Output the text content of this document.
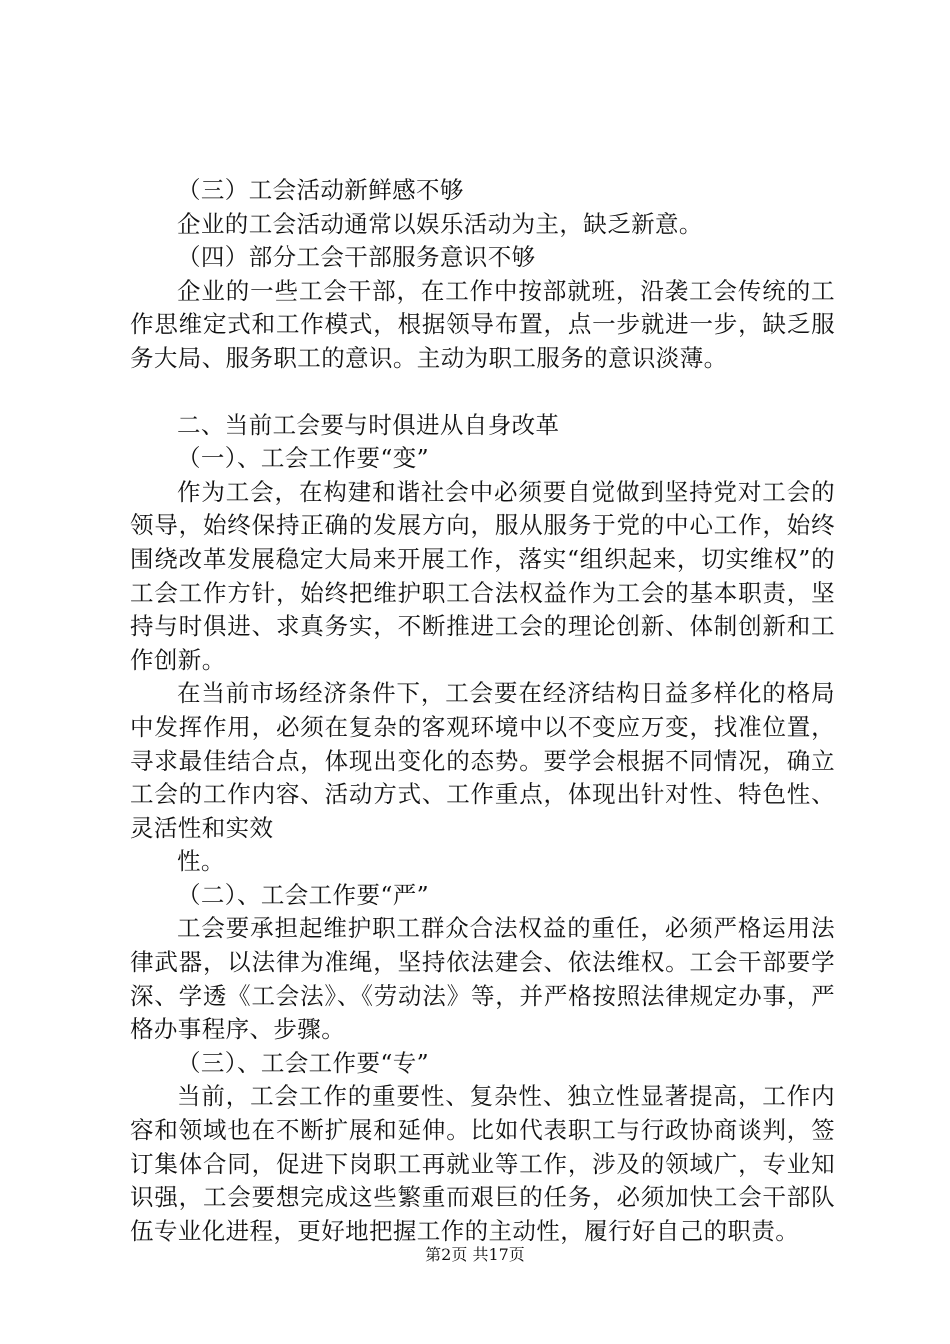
（三）工会活动新鲜感不够

企业的工会活动通常以娱乐活动为主，缺乏新意。

（四）部分工会干部服务意识不够

企业的一些工会干部，在工作中按部就班，沿袭工会传统的工作思维定式和工作模式，根据领导布置，点一步就进一步，缺乏服务大局、服务职工的意识。主动为职工服务的意识淡薄。

二、当前工会要与时俱进从自身改革

（一）、工会工作要“变”

作为工会，在构建和谐社会中必须要自觉做到坚持党对工会的领导，始终保持正确的发展方向，服从服务于党的中心工作，始终围绕改革发展稳定大局来开展工作，落实“组织起来，切实维权”的工会工作方针，始终把维护职工合法权益作为工会的基本职责，坚持与时俱进、求真务实，不断推进工会的理论创新、体制创新和工作创新。

在当前市场经济条件下，工会要在经济结构日益多样化的格局中发挥作用，必须在复杂的客观环境中以不变应万变，找准位置，寻求最佳结合点，体现出变化的态势。要学会根据不同情况，确立工会的工作内容、活动方式、工作重点，体现出针对性、特色性、灵活性和实效

性。

（二）、工会工作要“严”

工会要承担起维护职工群众合法权益的重任，必须严格运用法律武器，以法律为准绳，坚持依法建会、依法维权。工会干部要学深、学透《工会法》、《劳动法》等，并严格按照法律规定办事，严格办事程序、步骤。

（三）、工会工作要“专”

当前，工会工作的重要性、复杂性、独立性显著提高，工作内容和领域也在不断扩展和延伸。比如代表职工与行政协商谈判，签订集体合同，促进下岗职工再就业等工作，涉及的领域广，专业知识强，工会要想完成这些繁重而艰巨的任务，必须加快工会干部队伍专业化进程，更好地把握工作的主动性，履行好自己的职责。

第2页 共17页
